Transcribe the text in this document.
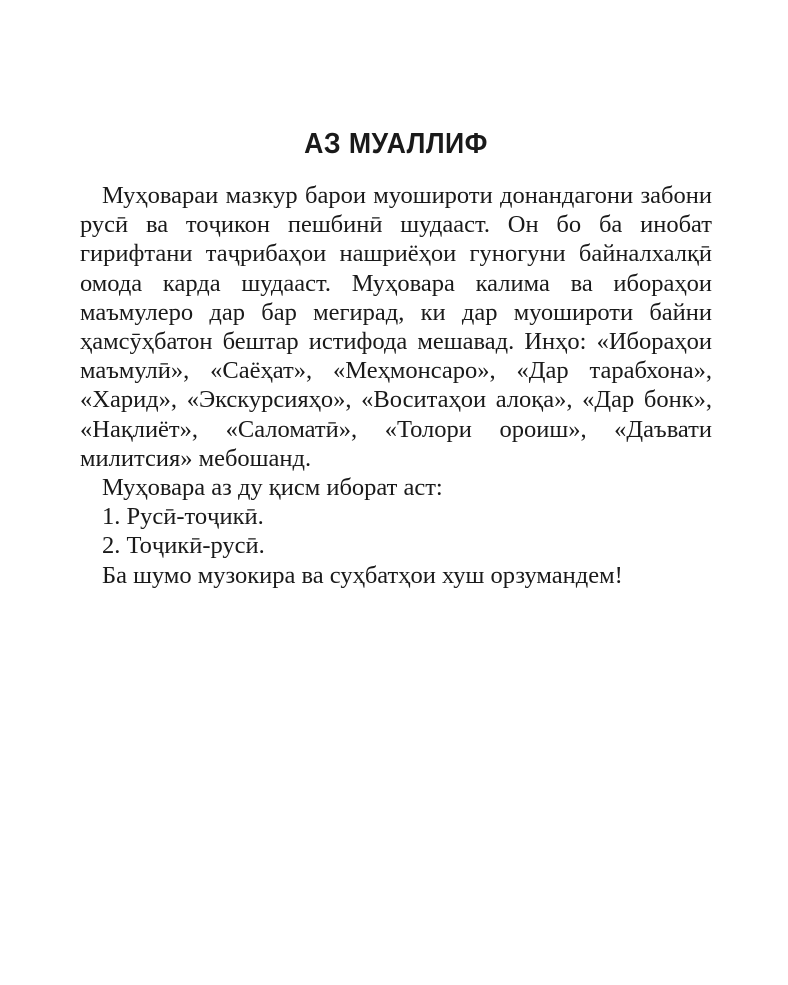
АЗ МУАЛЛИФ

Муҳовараи мазкур барои муошироти донандагони забони русӣ ва тоҷикон пешбинӣ шудааст. Он бо ба инобат гирифтани таҷрибаҳои нашриёҳои гуногуни байналхалқӣ омода карда шудааст. Муҳовара калима ва ибораҳои маъмулеро дар бар мегирад, ки дар муошироти байни ҳамсӯҳбатон бештар истифода мешавад. Инҳо: «Ибораҳои маъмулӣ», «Саёҳат», «Меҳмонсаро», «Дар тарабхона», «Харид», «Экскурсияҳо», «Воситаҳои алоқа», «Дар бонк», «Нақлиёт», «Саломатӣ», «Толори ороиш», «Даъвати милитсия» мебошанд.

Муҳовара аз ду қисм иборат аст:

1. Русӣ-тоҷикӣ.

2. Тоҷикӣ-русӣ.

Ба шумо музокира ва суҳбатҳои хуш орзумандем!
